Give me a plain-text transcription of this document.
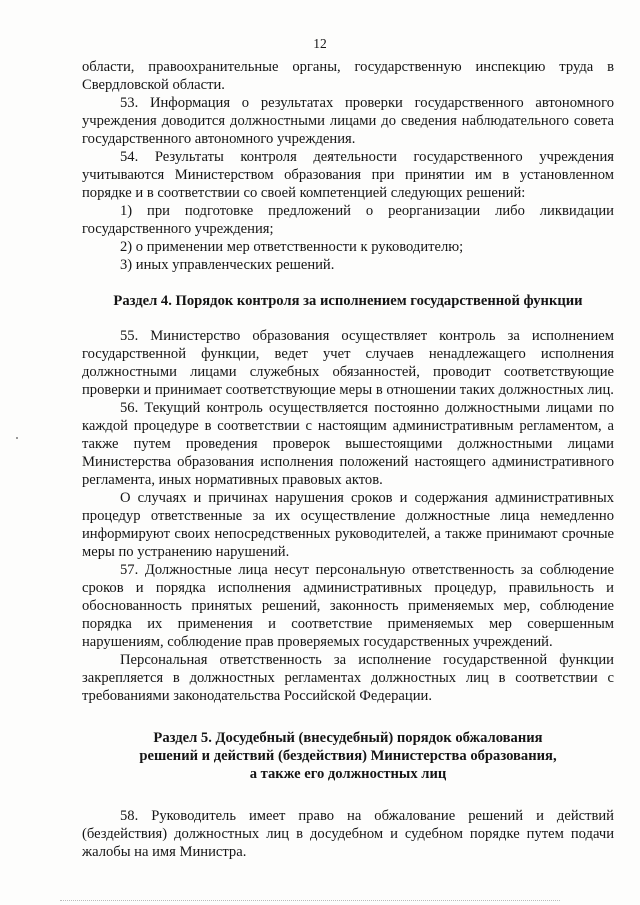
12

области, правоохранительные органы, государственную инспекцию труда в Свердловской области.

53. Информация о результатах проверки государственного автономного учреждения доводится должностными лицами до сведения наблюдательного совета государственного автономного учреждения.

54. Результаты контроля деятельности государственного учреждения учитываются Министерством образования при принятии им в установленном порядке и в соответствии со своей компетенцией следующих решений:

1) при подготовке предложений о реорганизации либо ликвидации государственного учреждения;

2) о применении мер ответственности к руководителю;

3) иных управленческих решений.

Раздел 4. Порядок контроля за исполнением государственной функции

55. Министерство образования осуществляет контроль за исполнением государственной функции, ведет учет случаев ненадлежащего исполнения должностными лицами служебных обязанностей, проводит соответствующие проверки и принимает соответствующие меры в отношении таких должностных лиц.

56. Текущий контроль осуществляется постоянно должностными лицами по каждой процедуре в соответствии с настоящим административным регламентом, а также путем проведения проверок вышестоящими должностными лицами Министерства образования исполнения положений настоящего административного регламента, иных нормативных правовых актов.

О случаях и причинах нарушения сроков и содержания административных процедур ответственные за их осуществление должностные лица немедленно информируют своих непосредственных руководителей, а также принимают срочные меры по устранению нарушений.

57. Должностные лица несут персональную ответственность за соблюдение сроков и порядка исполнения административных процедур, правильность и обоснованность принятых решений, законность применяемых мер, соблюдение порядка их применения и соответствие применяемых мер совершенным нарушениям, соблюдение прав проверяемых государственных учреждений.

Персональная ответственность за исполнение государственной функции закрепляется в должностных регламентах должностных лиц в соответствии с требованиями законодательства Российской Федерации.

Раздел 5. Досудебный (внесудебный) порядок обжалования

решений и действий (бездействия) Министерства образования,

а также его должностных лиц

58. Руководитель имеет право на обжалование решений и действий (бездействия) должностных лиц в досудебном и судебном порядке путем подачи жалобы на имя Министра.
